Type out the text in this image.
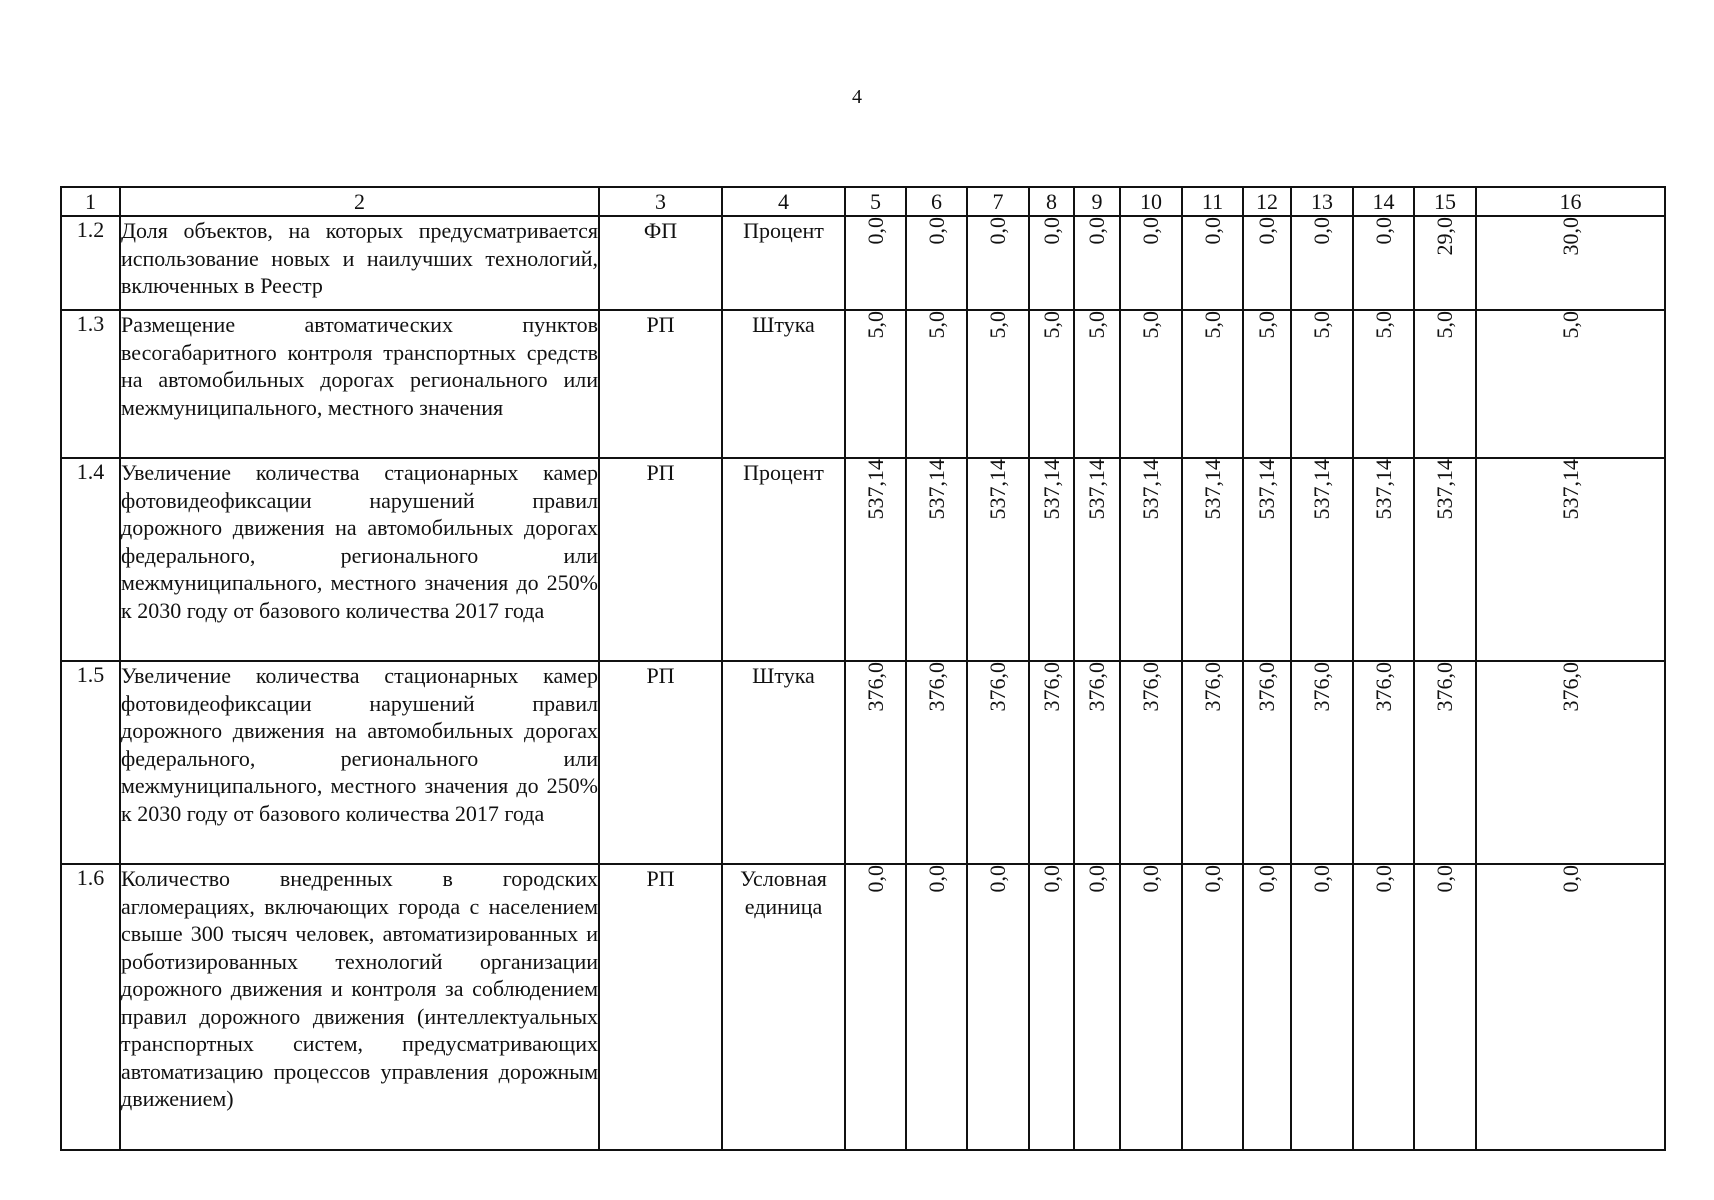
4
1	2	3	4	5	6	7	8	9	10	11	12	13	14	15	16
1.2	Доля объектов, на которых предусматривается использование новых и наилучших технологий, включенных в Реестр	ФП	Процент	0,0	0,0	0,0	0,0	0,0	0,0	0,0	0,0	0,0	0,0	29,0	30,0
1.3	Размещение автоматических пунктов весогабаритного контроля транспортных средств на автомобильных дорогах регионального или межмуниципального, местного значения	РП	Штука	5,0	5,0	5,0	5,0	5,0	5,0	5,0	5,0	5,0	5,0	5,0	5,0
1.4	Увеличение количества стационарных камер фотовидеофиксации нарушений правил дорожного движения на автомобильных дорогах федерального, регионального или межмуниципального, местного значения до 250% к 2030 году от базового количества 2017 года	РП	Процент	537,14	537,14	537,14	537,14	537,14	537,14	537,14	537,14	537,14	537,14	537,14	537,14
1.5	Увеличение количества стационарных камер фотовидеофиксации нарушений правил дорожного движения на автомобильных дорогах федерального, регионального или межмуниципального, местного значения до 250% к 2030 году от базового количества 2017 года	РП	Штука	376,0	376,0	376,0	376,0	376,0	376,0	376,0	376,0	376,0	376,0	376,0	376,0
1.6	Количество внедренных в городских агломерациях, включающих города с населением свыше 300 тысяч человек, автоматизированных и роботизированных технологий организации дорожного движения и контроля за соблюдением правил дорожного движения (интеллектуальных транспортных систем, предусматривающих автоматизацию процессов управления дорожным движением)	РП	Условная единица	0,0	0,0	0,0	0,0	0,0	0,0	0,0	0,0	0,0	0,0	0,0	0,0
